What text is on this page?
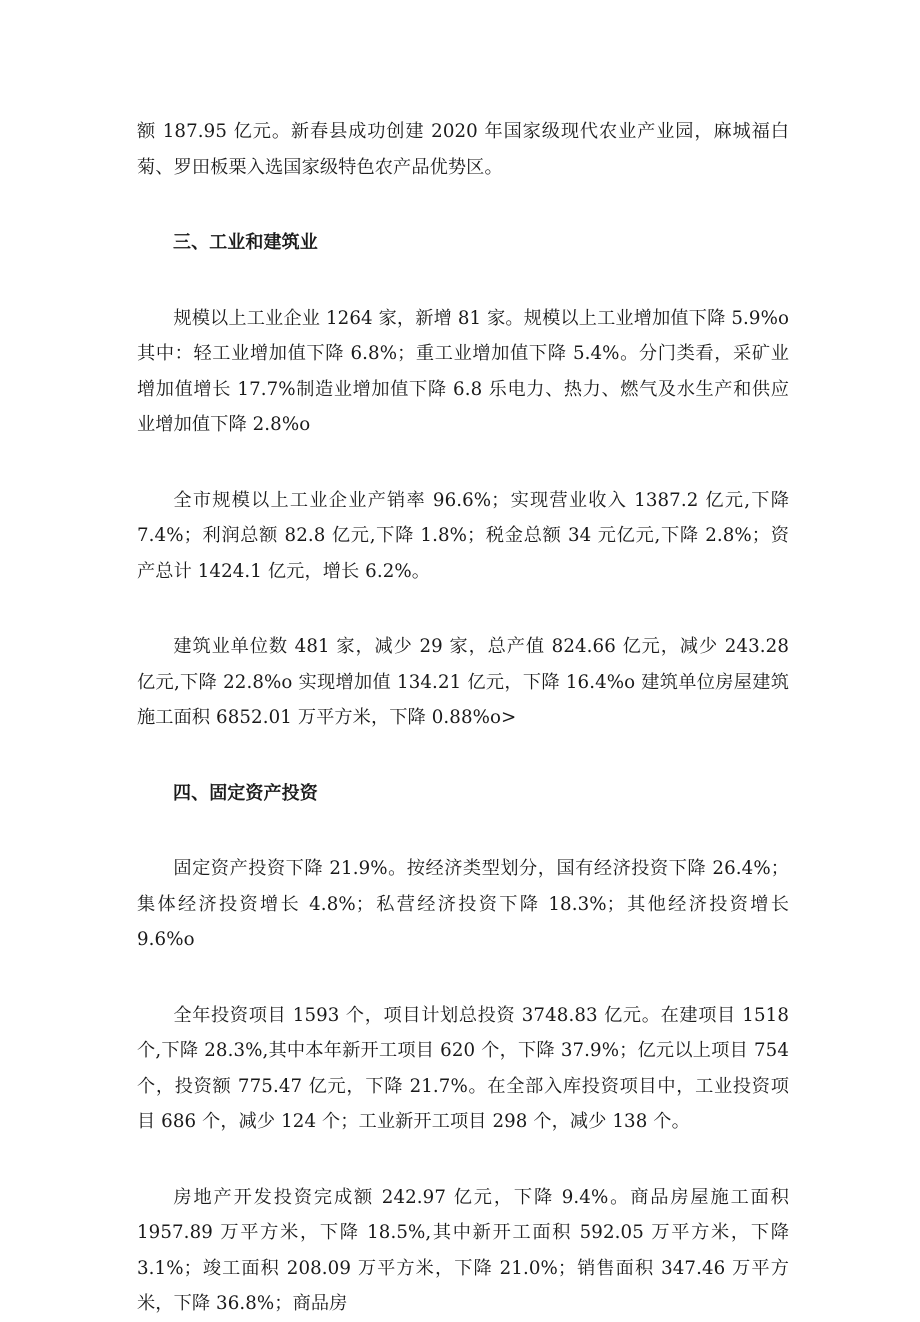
额 187.95 亿元。新春县成功创建 2020 年国家级现代农业产业园，麻城福白菊、罗田板栗入选国家级特色农产品优势区。

三、工业和建筑业

规模以上工业企业 1264 家，新增 81 家。规模以上工业增加值下降 5.9%o 其中：轻工业增加值下降 6.8%；重工业增加值下降 5.4%。分门类看，采矿业增加值增长 17.7%制造业增加值下降 6.8 乐电力、热力、燃气及水生产和供应业增加值下降 2.8%o

全市规模以上工业企业产销率 96.6%；实现营业收入 1387.2 亿元,下降 7.4%；利润总额 82.8 亿元,下降 1.8%；税金总额 34 元亿元,下降 2.8%；资产总计 1424.1 亿元，增长 6.2%。

建筑业单位数 481 家，减少 29 家，总产值 824.66 亿元，减少 243.28 亿元,下降 22.8%o 实现增加值 134.21 亿元，下降 16.4%o 建筑单位房屋建筑施工面积 6852.01 万平方米，下降 0.88%o>

四、固定资产投资

固定资产投资下降 21.9%。按经济类型划分，国有经济投资下降 26.4%；集体经济投资增长 4.8%；私营经济投资下降 18.3%；其他经济投资增长 9.6%o

全年投资项目 1593 个，项目计划总投资 3748.83 亿元。在建项目 1518 个,下降 28.3%,其中本年新开工项目 620 个，下降 37.9%；亿元以上项目 754 个，投资额 775.47 亿元，下降 21.7%。在全部入库投资项目中，工业投资项目 686 个，减少 124 个；工业新开工项目 298 个，减少 138 个。

房地产开发投资完成额 242.97 亿元，下降 9.4%。商品房屋施工面积 1957.89 万平方米，下降 18.5%,其中新开工面积 592.05 万平方米，下降 3.1%；竣工面积 208.09 万平方米，下降 21.0%；销售面积 347.46 万平方米，下降 36.8%；商品房
